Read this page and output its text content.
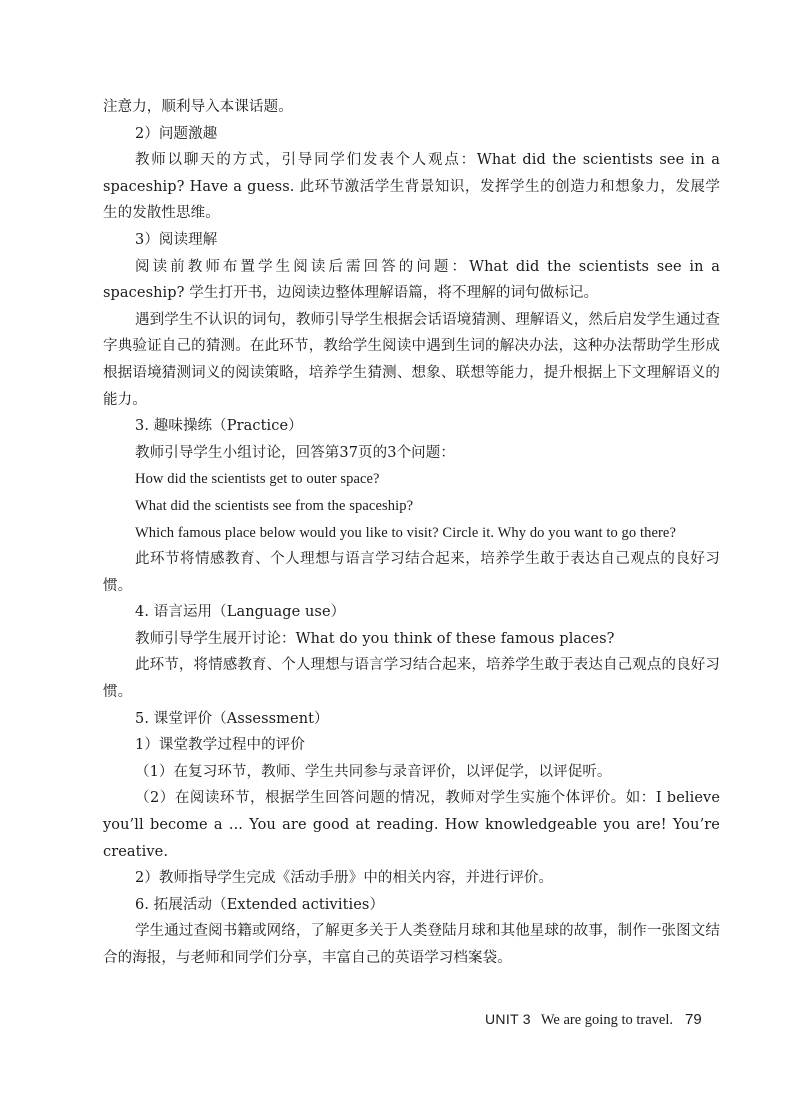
注意力，顺利导入本课话题。

2）问题激趣

教师以聊天的方式，引导同学们发表个人观点：What did the scientists see in a spaceship? Have a guess. 此环节激活学生背景知识，发挥学生的创造力和想象力，发展学生的发散性思维。

3）阅读理解

阅读前教师布置学生阅读后需回答的问题：What did the scientists see in a spaceship? 学生打开书，边阅读边整体理解语篇，将不理解的词句做标记。

遇到学生不认识的词句，教师引导学生根据会话语境猜测、理解语义，然后启发学生通过查字典验证自己的猜测。在此环节，教给学生阅读中遇到生词的解决办法，这种办法帮助学生形成根据语境猜测词义的阅读策略，培养学生猜测、想象、联想等能力，提升根据上下文理解语义的能力。

3. 趣味操练（Practice）

教师引导学生小组讨论，回答第37页的3个问题：

How did the scientists get to outer space?

What did the scientists see from the spaceship?

Which famous place below would you like to visit? Circle it. Why do you want to go there?

此环节将情感教育、个人理想与语言学习结合起来，培养学生敢于表达自己观点的良好习惯。

4. 语言运用（Language use）

教师引导学生展开讨论：What do you think of these famous places?

此环节，将情感教育、个人理想与语言学习结合起来，培养学生敢于表达自己观点的良好习惯。

5. 课堂评价（Assessment）

1）课堂教学过程中的评价

（1）在复习环节，教师、学生共同参与录音评价，以评促学，以评促听。

（2）在阅读环节，根据学生回答问题的情况，教师对学生实施个体评价。如：I believe you’ll become a ... You are good at reading. How knowledgeable you are! You’re creative.

2）教师指导学生完成《活动手册》中的相关内容，并进行评价。

6. 拓展活动（Extended activities）

学生通过查阅书籍或网络，了解更多关于人类登陆月球和其他星球的故事，制作一张图文结合的海报，与老师和同学们分享，丰富自己的英语学习档案袋。

UNIT 3 We are going to travel. 79
